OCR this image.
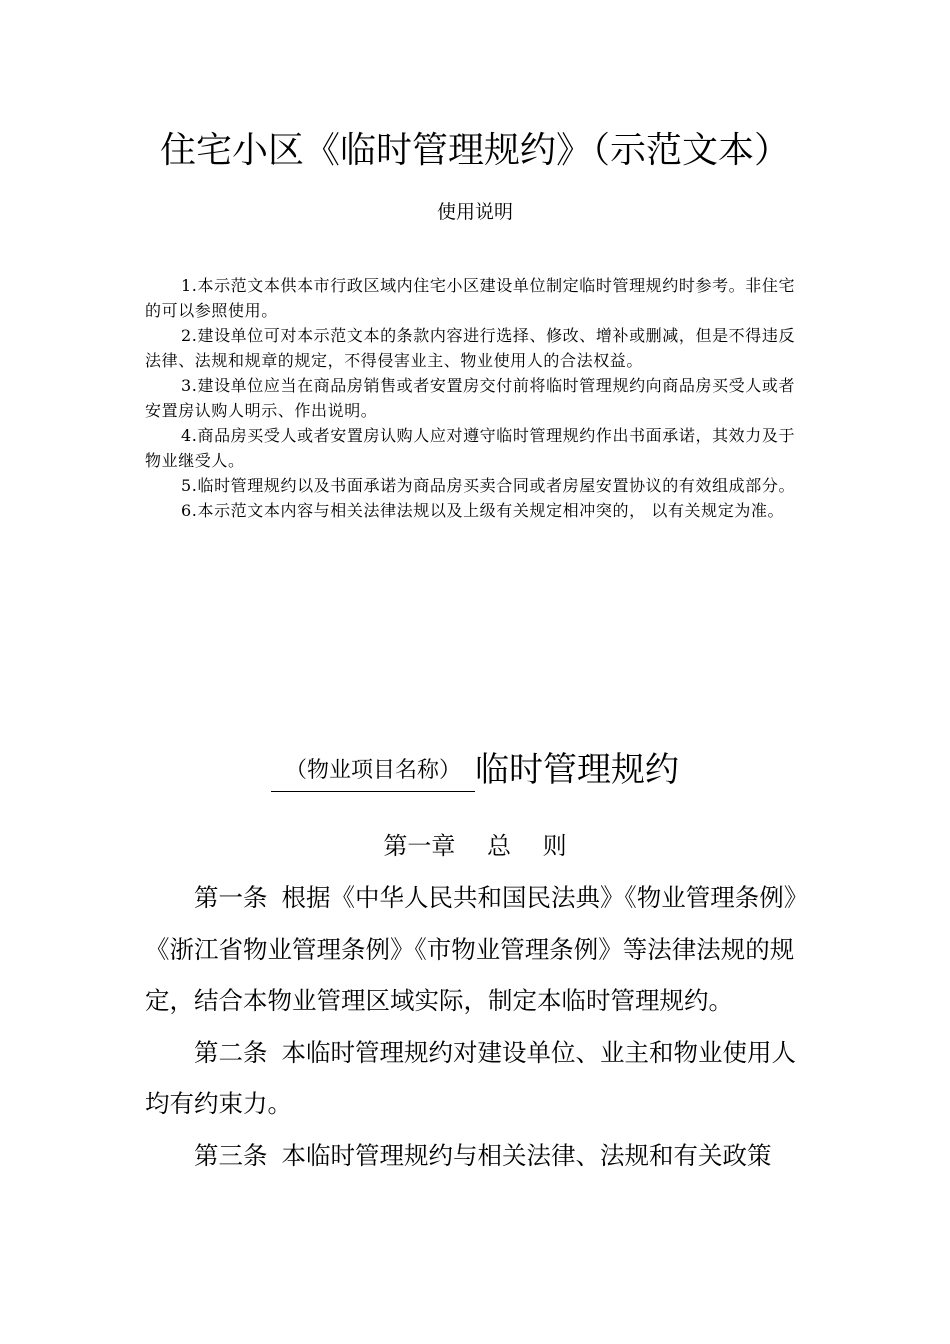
住宅小区《临时管理规约》（示范文本）
使用说明

1.本示范文本供本市行政区域内住宅小区建设单位制定临时管理规约时参考。非住宅的可以参照使用。

2.建设单位可对本示范文本的条款内容进行选择、修改、增补或删减，但是不得违反法律、法规和规章的规定，不得侵害业主、物业使用人的合法权益。

3.建设单位应当在商品房销售或者安置房交付前将临时管理规约向商品房买受人或者安置房认购人明示、作出说明。

4.商品房买受人或者安置房认购人应对遵守临时管理规约作出书面承诺，其效力及于物业继受人。

5.临时管理规约以及书面承诺为商品房买卖合同或者房屋安置协议的有效组成部分。

6.本示范文本内容与相关法律法规以及上级有关规定相冲突的， 以有关规定为准。

（物业项目名称） 临时管理规约
第一章　 总　 则

第一条 根据《中华人民共和国民法典》《物业管理条例》《浙江省物业管理条例》《市物业管理条例》等法律法规的规定，结合本物业管理区域实际，制定本临时管理规约。

第二条 本临时管理规约对建设单位、业主和物业使用人均有约束力。

第三条 本临时管理规约与相关法律、法规和有关政策
